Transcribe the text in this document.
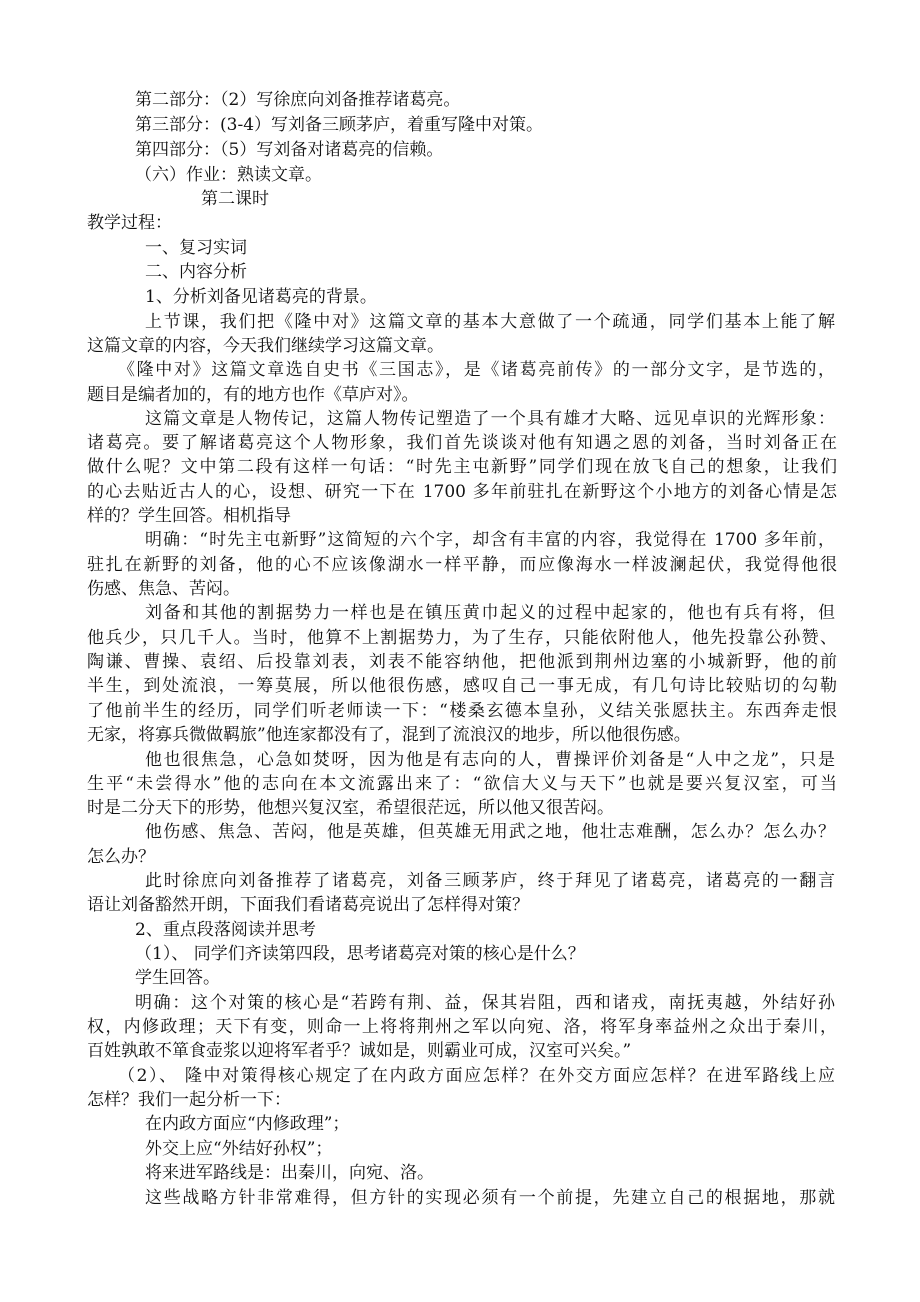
第二部分：（2）写徐庶向刘备推荐诸葛亮。
第三部分：(3-4）写刘备三顾茅庐，着重写隆中对策。
第四部分：（5）写刘备对诸葛亮的信赖。
（六）作业：熟读文章。
第二课时
教学过程：
一、复习实词
二、内容分析
1、分析刘备见诸葛亮的背景。
上节课，我们把《隆中对》这篇文章的基本大意做了一个疏通，同学们基本上能了解
这篇文章的内容，今天我们继续学习这篇文章。
《隆中对》这篇文章选自史书《三国志》，是《诸葛亮前传》的一部分文字，是节选的，
题目是编者加的，有的地方也作《草庐对》。
这篇文章是人物传记，这篇人物传记塑造了一个具有雄才大略、远见卓识的光辉形象：
诸葛亮。要了解诸葛亮这个人物形象，我们首先谈谈对他有知遇之恩的刘备，当时刘备正在
做什么呢？文中第二段有这样一句话：“时先主屯新野”同学们现在放飞自己的想象，让我们
的心去贴近古人的心，设想、研究一下在 1700 多年前驻扎在新野这个小地方的刘备心情是怎
样的？学生回答。相机指导
明确：“时先主屯新野”这简短的六个字，却含有丰富的内容，我觉得在 1700 多年前，
驻扎在新野的刘备，他的心不应该像湖水一样平静，而应像海水一样波澜起伏，我觉得他很
伤感、焦急、苦闷。
刘备和其他的割据势力一样也是在镇压黄巾起义的过程中起家的，他也有兵有将，但
他兵少，只几千人。当时，他算不上割据势力，为了生存，只能依附他人，他先投靠公孙赞、
陶谦、曹操、袁绍、后投靠刘表，刘表不能容纳他，把他派到荆州边塞的小城新野，他的前
半生，到处流浪，一筹莫展，所以他很伤感，感叹自己一事无成，有几句诗比较贴切的勾勒
了他前半生的经历，同学们听老师读一下：“楼桑玄德本皇孙，义结关张愿扶主。东西奔走恨
无家，将寡兵微做羁旅”他连家都没有了，混到了流浪汉的地步，所以他很伤感。
他也很焦急，心急如焚呀，因为他是有志向的人，曹操评价刘备是“人中之龙”，只是
生平“未尝得水”他的志向在本文流露出来了：“欲信大义与天下”也就是要兴复汉室，可当
时是二分天下的形势，他想兴复汉室，希望很茫远，所以他又很苦闷。
他伤感、焦急、苦闷，他是英雄，但英雄无用武之地，他壮志难酬，怎么办？怎么办？
怎么办？
此时徐庶向刘备推荐了诸葛亮，刘备三顾茅庐，终于拜见了诸葛亮，诸葛亮的一翻言
语让刘备豁然开朗，下面我们看诸葛亮说出了怎样得对策？
2、重点段落阅读并思考
（1）、 同学们齐读第四段，思考诸葛亮对策的核心是什么？
学生回答。
明确：这个对策的核心是“若跨有荆、益，保其岩阻，西和诸戎，南抚夷越，外结好孙
权，内修政理；天下有变，则命一上将将荆州之军以向宛、洛，将军身率益州之众出于秦川，
百姓孰敢不箪食壶浆以迎将军者乎？诚如是，则霸业可成，汉室可兴矣。”
（2）、 隆中对策得核心规定了在内政方面应怎样？在外交方面应怎样？在进军路线上应
怎样？我们一起分析一下：
在内政方面应“内修政理”；
外交上应“外结好孙权”；
将来进军路线是：出秦川，向宛、洛。
这些战略方针非常难得，但方针的实现必须有一个前提，先建立自己的根据地，那就
